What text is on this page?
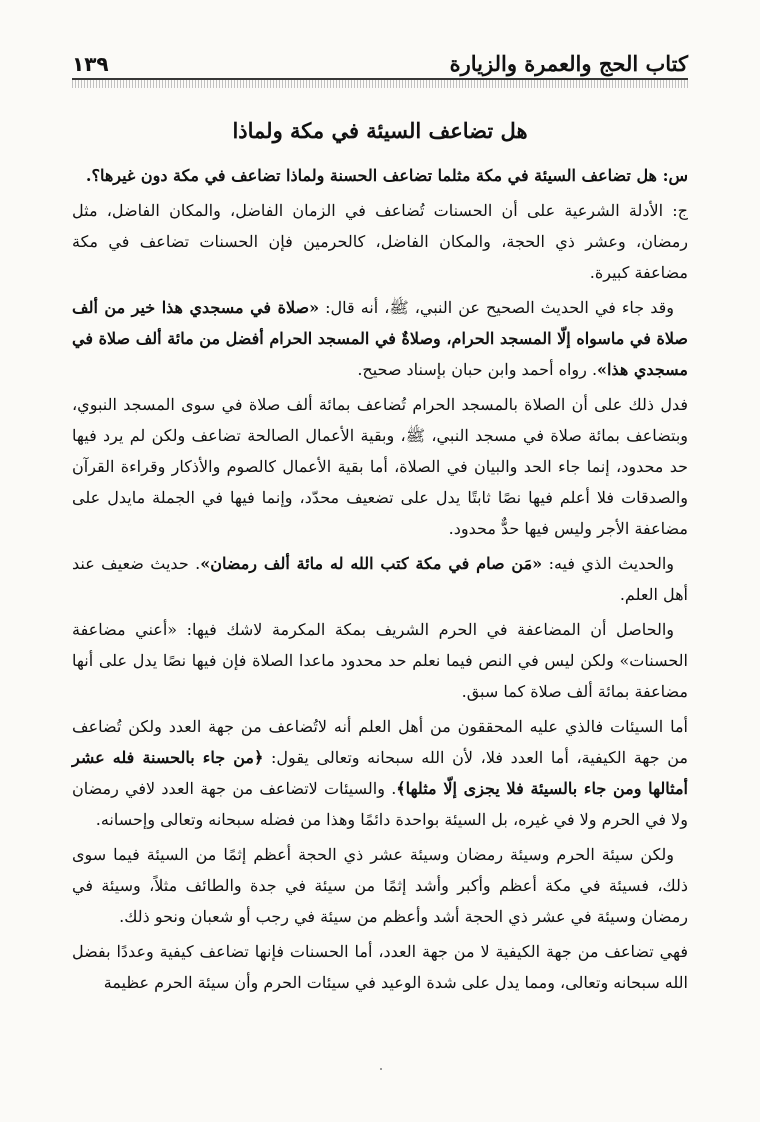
كتاب الحج والعمرة والزيارة
١٣٩
هل تضاعف السيئة في مكة ولماذا

س: هل تضاعف السيئة في مكة مثلما تضاعف الحسنة ولماذا تضاعف في مكة دون غيرها؟.

ج: الأدلة الشرعية على أن الحسنات تُضاعف في الزمان الفاضل، والمكان الفاضل، مثل رمضان، وعشر ذي الحجة، والمكان الفاضل، كالحرمين فإن الحسنات تضاعف في مكة مضاعفة كبيرة.

وقد جاء في الحديث الصحيح عن النبي، ﷺ، أنه قال: «صلاة في مسجدي هذا خير من ألف صلاة في ماسواه إلّا المسجد الحرام، وصلاةٌ في المسجد الحرام أفضل من مائة ألف صلاة في مسجدي هذا». رواه أحمد وابن حبان بإسناد صحيح.

فدل ذلك على أن الصلاة بالمسجد الحرام تُضاعف بمائة ألف صلاة في سوى المسجد النبوي، وبتضاعف بمائة صلاة في مسجد النبي، ﷺ، وبقية الأعمال الصالحة تضاعف ولكن لم يرد فيها حد محدود، إنما جاء الحد والبيان في الصلاة، أما بقية الأعمال كالصوم والأذكار وقراءة القرآن والصدقات فلا أعلم فيها نصًا ثابتًا يدل على تضعيف محدّد، وإنما فيها في الجملة مايدل على مضاعفة الأجر وليس فيها حدٌّ محدود.

والحديث الذي فيه: «مَن صام في مكة كتب الله له مائة ألف رمضان». حديث ضعيف عند أهل العلم.

والحاصل أن المضاعفة في الحرم الشريف بمكة المكرمة لاشك فيها: «أعني مضاعفة الحسنات» ولكن ليس في النص فيما نعلم حد محدود ماعدا الصلاة فإن فيها نصًا يدل على أنها مضاعفة بمائة ألف صلاة كما سبق.

أما السيئات فالذي عليه المحققون من أهل العلم أنه لاتُضاعف من جهة العدد ولكن تُضاعف من جهة الكيفية، أما العدد فلا، لأن الله سبحانه وتعالى يقول: ﴿من جاء بالحسنة فله عشر أمثالها ومن جاء بالسيئة فلا يجزى إلّا مثلها﴾. والسيئات لاتضاعف من جهة العدد لافي رمضان ولا في الحرم ولا في غيره، بل السيئة بواحدة دائمًا وهذا من فضله سبحانه وتعالى وإحسانه.

ولكن سيئة الحرم وسيئة رمضان وسيئة عشر ذي الحجة أعظم إثمًا من السيئة فيما سوى ذلك، فسيئة في مكة أعظم وأكبر وأشد إثمًا من سيئة في جدة والطائف مثلاً، وسيئة في رمضان وسيئة في عشر ذي الحجة أشد وأعظم من سيئة في رجب أو شعبان ونحو ذلك.

فهي تضاعف من جهة الكيفية لا من جهة العدد، أما الحسنات فإنها تضاعف كيفية وعددًا بفضل الله سبحانه وتعالى، ومما يدل على شدة الوعيد في سيئات الحرم وأن سيئة الحرم عظيمة
